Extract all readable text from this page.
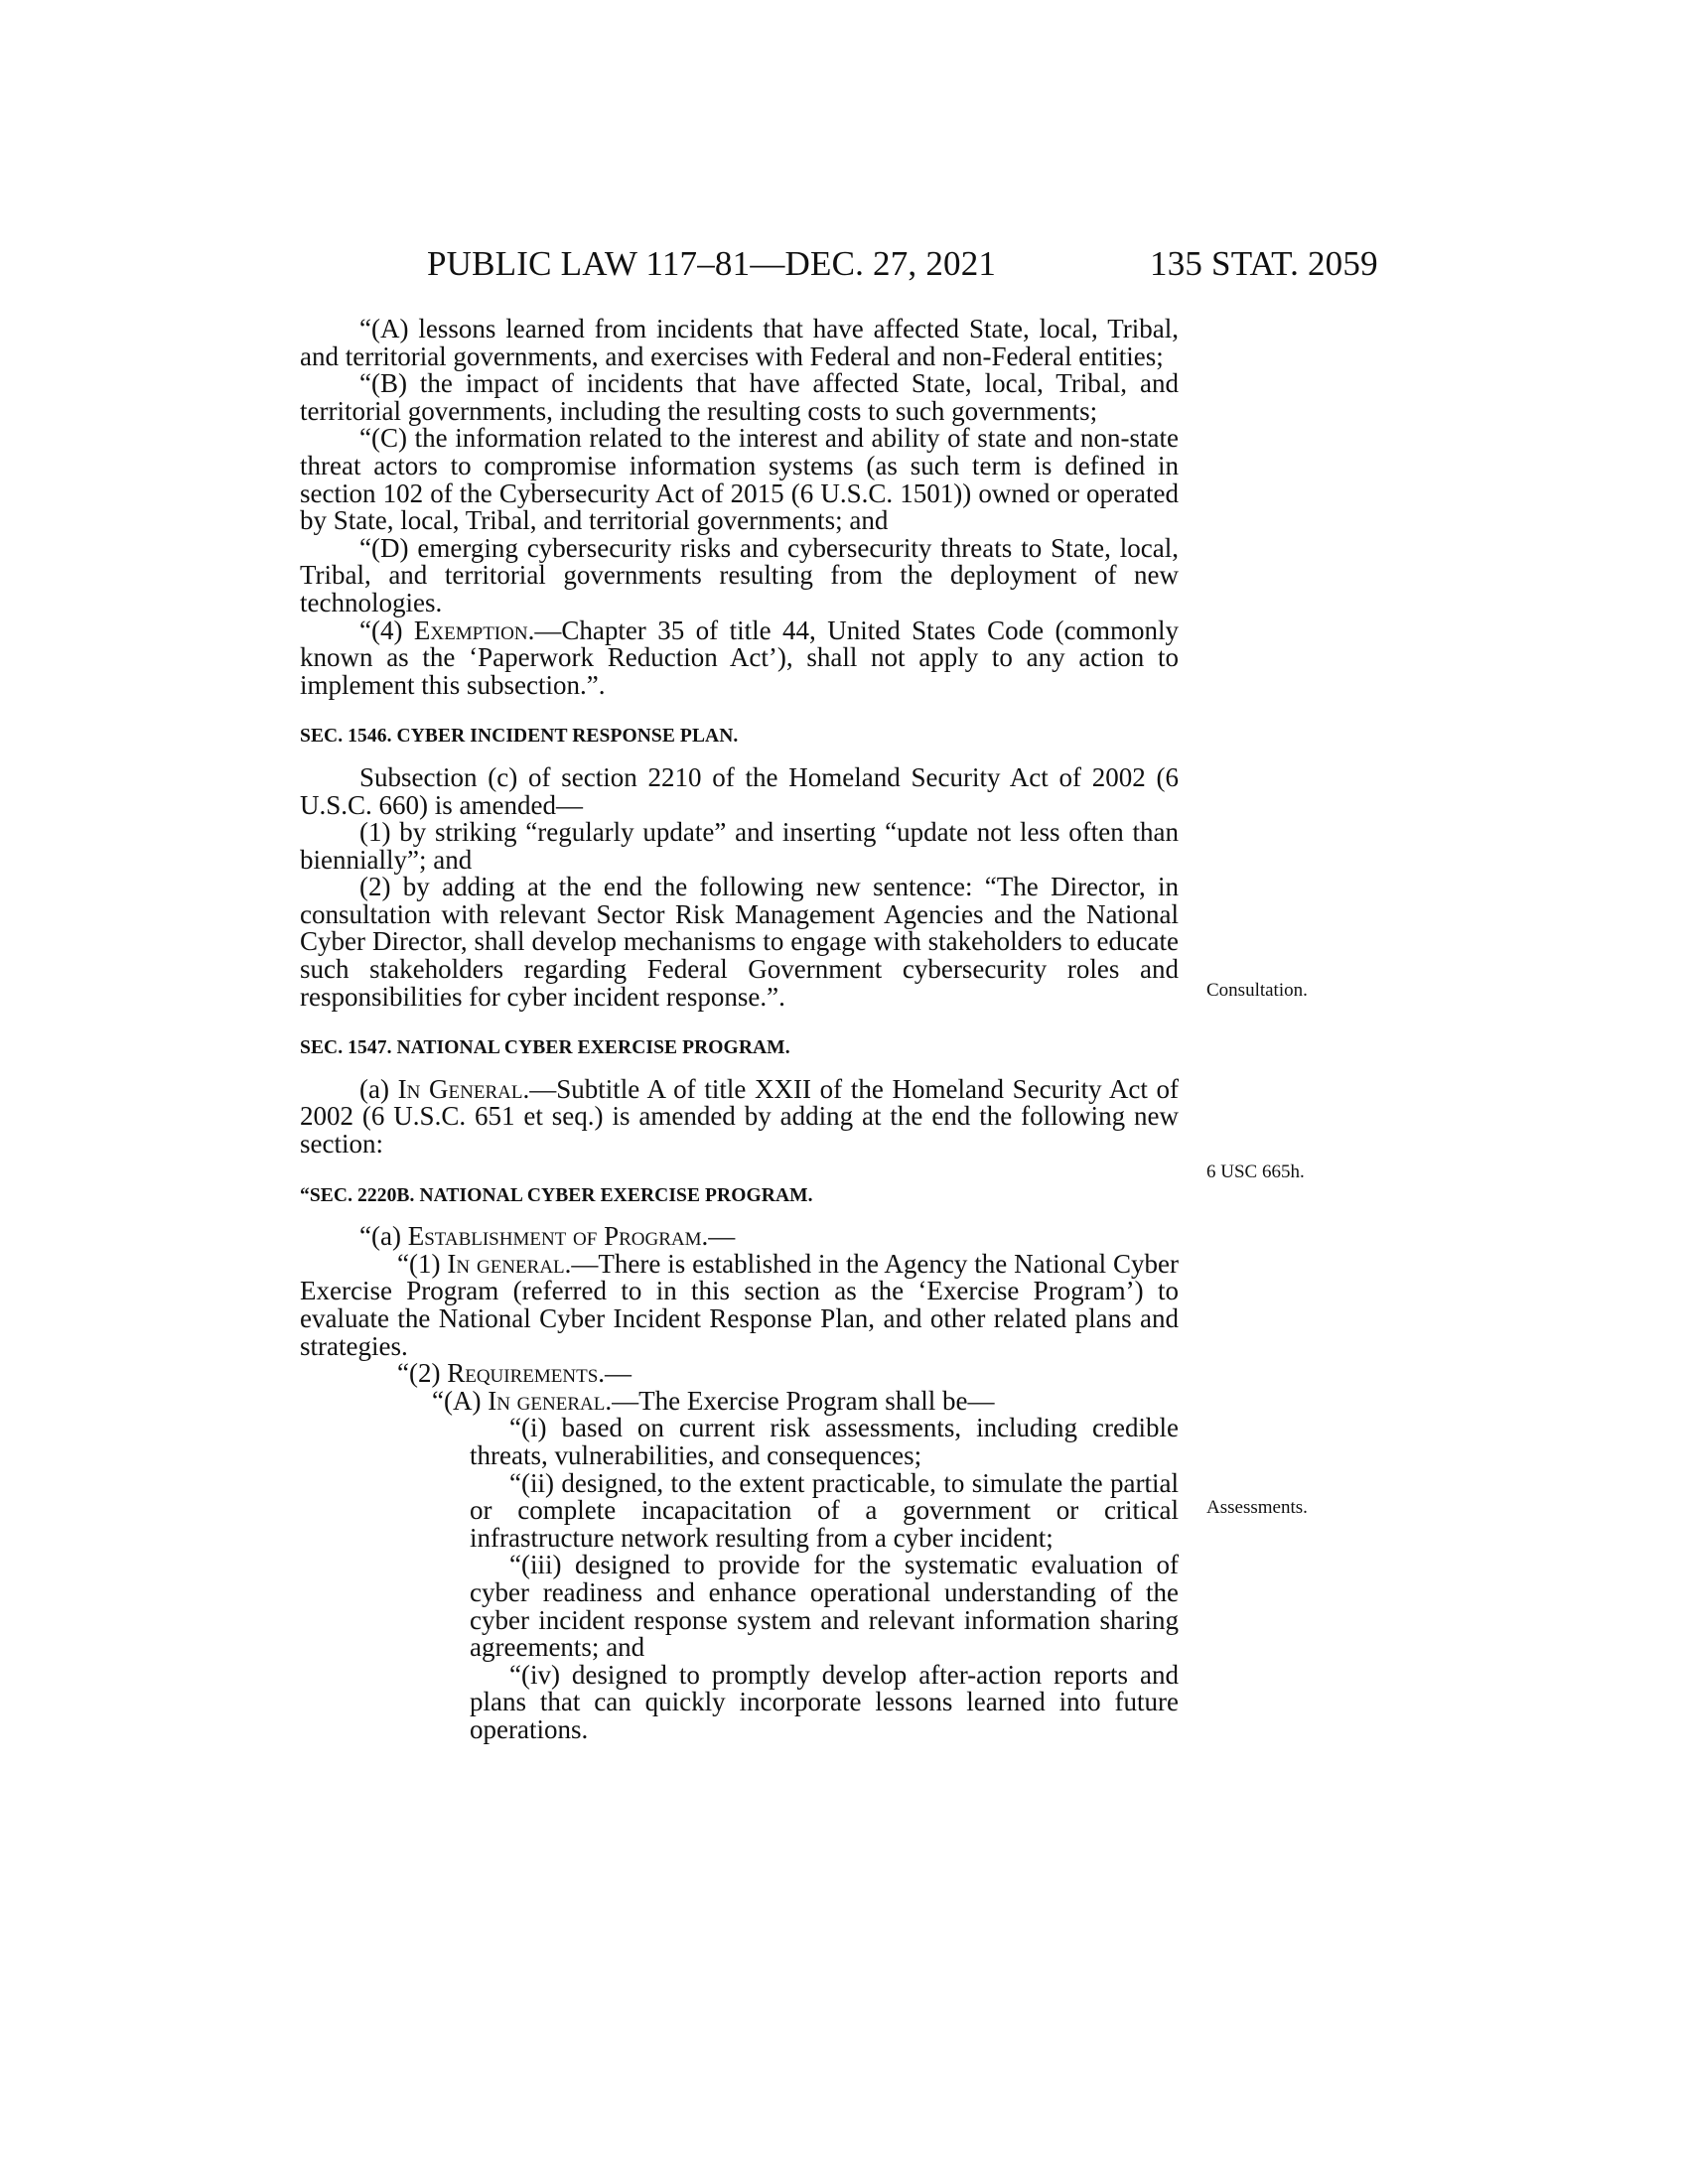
PUBLIC LAW 117–81—DEC. 27, 2021	135 STAT. 2059

“(A) lessons learned from incidents that have affected State, local, Tribal, and territorial governments, and exercises with Federal and non-Federal entities;

“(B) the impact of incidents that have affected State, local, Tribal, and territorial governments, including the resulting costs to such governments;

“(C) the information related to the interest and ability of state and non-state threat actors to compromise information systems (as such term is defined in section 102 of the Cybersecurity Act of 2015 (6 U.S.C. 1501)) owned or operated by State, local, Tribal, and territorial governments; and

“(D) emerging cybersecurity risks and cybersecurity threats to State, local, Tribal, and territorial governments resulting from the deployment of new technologies.

“(4) Exemption.—Chapter 35 of title 44, United States Code (commonly known as the ‘Paperwork Reduction Act’), shall not apply to any action to implement this subsection.”.

SEC. 1546. CYBER INCIDENT RESPONSE PLAN.

Subsection (c) of section 2210 of the Homeland Security Act of 2002 (6 U.S.C. 660) is amended—

(1) by striking “regularly update” and inserting “update not less often than biennially”; and

(2) by adding at the end the following new sentence: “The Director, in consultation with relevant Sector Risk Management Agencies and the National Cyber Director, shall develop mechanisms to engage with stakeholders to educate such stakeholders regarding Federal Government cybersecurity roles and responsibilities for cyber incident response.”.

SEC. 1547. NATIONAL CYBER EXERCISE PROGRAM.

(a) In General.—Subtitle A of title XXII of the Homeland Security Act of 2002 (6 U.S.C. 651 et seq.) is amended by adding at the end the following new section:

“SEC. 2220B. NATIONAL CYBER EXERCISE PROGRAM.

“(a) Establishment of Program.—

“(1) In general.—There is established in the Agency the National Cyber Exercise Program (referred to in this section as the ‘Exercise Program’) to evaluate the National Cyber Incident Response Plan, and other related plans and strategies.

“(2) Requirements.—

“(A) In general.—The Exercise Program shall be—

“(i) based on current risk assessments, including credible threats, vulnerabilities, and consequences;

“(ii) designed, to the extent practicable, to simulate the partial or complete incapacitation of a government or critical infrastructure network resulting from a cyber incident;

“(iii) designed to provide for the systematic evaluation of cyber readiness and enhance operational understanding of the cyber incident response system and relevant information sharing agreements; and

“(iv) designed to promptly develop after-action reports and plans that can quickly incorporate lessons learned into future operations.

Consultation.
6 USC 665h.
Assessments.
